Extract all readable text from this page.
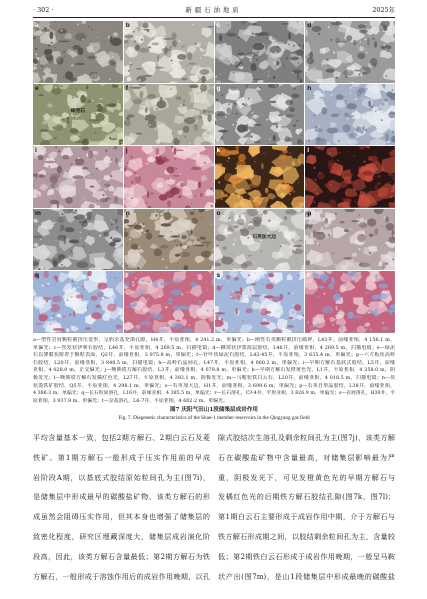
· 302 ·	新疆石油地质	2025年
a	b	c	d
e
绿泥石
f	g	h
i	j	k	l
m	n	o
石英加大边
p
q	r	s	t
a—塑性岩屑颗粒被挤压变形，呈假杂基充填孔隙，H4井，平原亚相，4 241.2 m，单偏光；b—刚性石英颗粒被挤压破碎，L43井，前缘亚相，4 156.1 m，
单偏光；c—丝发状伊利石胶结，L46井，平原亚相，4 269.5 m，扫描电镜；d—蜂窝状伊蒙混层胶结，L46井，前缘亚相，4 269.5 m，扫描电镜；e—绿泥
石以薄膜状附着于颗粒表面，Q2井，前缘亚相，3 975.8 m，单偏光；f—针叶状绿泥石胶结，L42-45井，平原亚相，3 635.4 m，单偏光；g—六方板状高岭
石胶结，L20井，前缘亚相，3 848.5 m，扫描电镜；h—高岭石晶间孔，L47井，平原亚相，4 000.2 m，单偏光；i—早期方解石基底式胶结，L5井，前缘
亚相，4 028.0 m，正交偏光；j—晚期铁方解石胶结，L3井，前缘亚相，4 079.8 m，单偏光；k—早期方解石发橙黄色光，L1井，平原亚相，4 258.0 m，阴
极发光；l—晚期铁方解石发橘红色光，L27井，平原亚相，4 392.1 m，阴极发光；m—马鞍状铁白云石，L20井，前缘亚相，4 018.5 m，扫描电镜；n—块
状菱铁矿胶结，Q5井，平原亚相，4 298.1 m，单偏光；o—石英加大边，H1井，前缘亚相，3 699.6 m，单偏光；p—石英自形晶胶结，L38井，前缘亚相，
4 386.3 m，单偏光；q—长石粒间溶孔，L16井，前缘亚相，4 385.5 m，单偏光；r—长石溶孔，C3-4井，平原亚相，3 826.9 m，单偏光；s—岩屑溶孔，H30井，平
原亚相，3 937.9 m，单偏光；t—杂基溶孔，L6-7井，平原亚相，4 602.2 m，单偏光。
图7 庆阳气田山1段储集层成岩作用
Fig. 7. Diagenetic characteristics of the Shan-1 member reservoirs in the Qingyang gas field
平均含量基本一致，包括2期方解石、2期白云石及菱
铁矿。第1期方解石一般形成于压实作用前的早成
岩阶段A期，以基底式胶结原始粒间孔为主(图7i)，
是储集层中形成最早的碳酸盐矿物，该类方解石的形
成虽然会阻碍压实作用，但其本身也增强了储集层的
致密化程度，研究区埋藏深度大，储集层成岩演化阶
段高，因此，该类方解石含量最低；第2期方解石为铁
方解石，一般形成于溶蚀作用后的成岩作用晚期，以孔
隙式胶结次生溶孔及剩余粒间孔为主(图7j)，该类方解
石在碳酸盐矿物中含量最高，对储集层影响最为严
重，阴极发光下，可见发橙黄色光的早期方解石与
发橘红色光的后期铁方解石胶结孔隙(图7k，图7l)；
第1期白云石主要形成于成岩作用中期，介于方解石与
铁方解石形成期之间，以胶结剩余粒间孔为主，含量较
低；第2期铁白云石形成于成岩作用晚期，一般呈马鞍
状产出(图7m)，是山1段储集层中形成最晚的碳酸盐
